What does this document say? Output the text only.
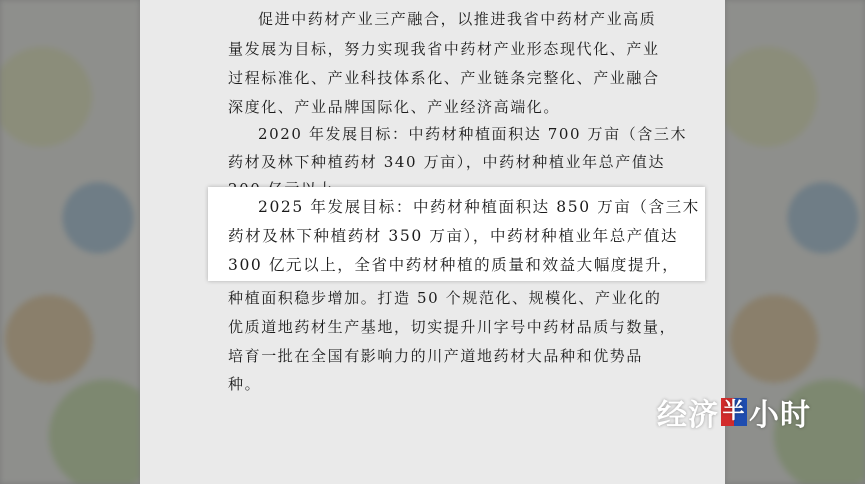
促进中药材产业三产融合，以推进我省中药材产业高质
量发展为目标，努力实现我省中药材产业形态现代化、产业
过程标准化、产业科技体系化、产业链条完整化、产业融合
深度化、产业品牌国际化、产业经济高端化。
2020 年发展目标：中药材种植面积达 700 万亩（含三木
药材及林下种植药材 340 万亩），中药材种植业年总产值达
2025 年发展目标：中药材种植面积达 850 万亩（含三木
药材及林下种植药材 350 万亩），中药材种植业年总产值达
300 亿元以上，全省中药材种植的质量和效益大幅度提升，
种植面积稳步增加。打造 50 个规范化、规模化、产业化的
优质道地药材生产基地，切实提升川字号中药材品质与数量，
培育一批在全国有影响力的川产道地药材大品种和优势品
种。
经济 半 小时
